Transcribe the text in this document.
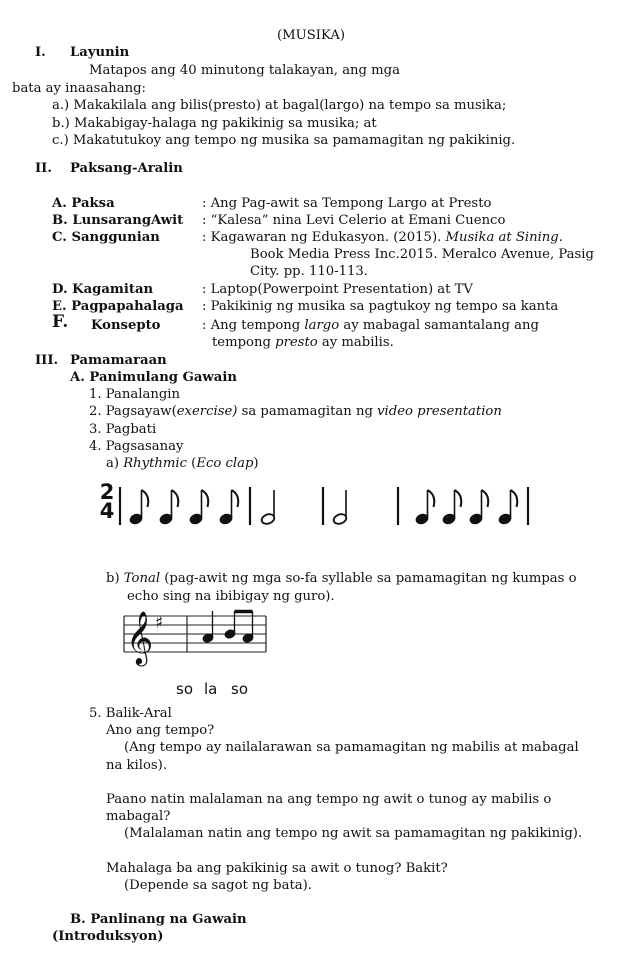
(MUSIKA)
I. Layunin
Matapos ang 40 minutong talakayan, ang mga
bata ay inaasahang:
a.) Makakilala ang bilis(presto) at bagal(largo) na tempo sa musika;
b.) Makabigay-halaga ng pakikinig sa musika; at
c.) Makatutukoy ang tempo ng musika sa pamamagitan ng pakikinig.
II. Paksang-Aralin
A. Paksa	: Ang Pag-awit sa Tempong Largo at Presto
B. LunsarangAwit : “Kalesa” nina Levi Celerio at Emani Cuenco
C. Sanggunian	: Kagawaran ng Edukasyon. (2015). Musika at Sining.
Book Media Press Inc.2015. Meralco Avenue, Pasig
City. pp. 110-113.
D. Kagamitan	: Laptop(Powerpoint Presentation) at TV
E. Pagpapahalaga : Pakikinig ng musika sa pagtukoy ng tempo sa kanta
F. Konsepto	: Ang tempong largo ay mabagal samantalang ang
tempong presto ay mabilis.
III. Pamamaraan
A. Panimulang Gawain
1. Panalangin
2. Pagsayaw(exercise) sa pamamagitan ng video presentation
3. Pagbati
4. Pagsasanay
a) Rhythmic (Eco clap)
2
4
b) Tonal (pag-awit ng mga so-fa syllable sa pamamagitan ng kumpas o
echo sing na ibibigay ng guro).
𝄞 ♯
so la so
5. Balik-Aral
Ano ang tempo?
(Ang tempo ay nailalarawan sa pamamagitan ng mabilis at mabagal
na kilos).
Paano natin malalaman na ang tempo ng awit o tunog ay mabilis o
mabagal?
(Malalaman natin ang tempo ng awit sa pamamagitan ng pakikinig).
Mahalaga ba ang pakikinig sa awit o tunog? Bakit?
(Depende sa sagot ng bata).
B. Panlinang na Gawain
(Introduksyon)
